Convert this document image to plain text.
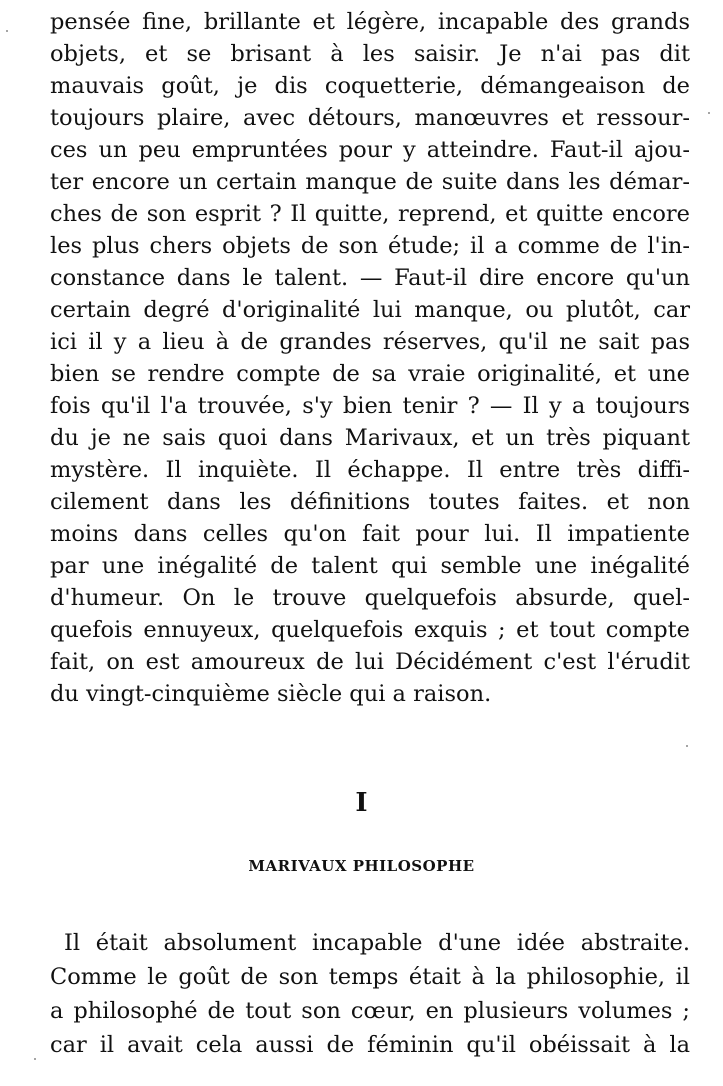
pensée fine, brillante et légère, incapable des grands
objets, et se brisant à les saisir. Je n'ai pas dit
mauvais goût, je dis coquetterie, démangeaison de
toujours plaire, avec détours, manœuvres et ressour-
ces un peu empruntées pour y atteindre. Faut-il ajou-
ter encore un certain manque de suite dans les démar-
ches de son esprit ? Il quitte, reprend, et quitte encore
les plus chers objets de son étude; il a comme de l'in-
constance dans le talent. — Faut-il dire encore qu'un
certain degré d'originalité lui manque, ou plutôt, car
ici il y a lieu à de grandes réserves, qu'il ne sait pas
bien se rendre compte de sa vraie originalité, et une
fois qu'il l'a trouvée, s'y bien tenir ? — Il y a toujours
du je ne sais quoi dans Marivaux, et un très piquant
mystère. Il inquiète. Il échappe. Il entre très diffi-
cilement dans les définitions toutes faites. et non
moins dans celles qu'on fait pour lui. Il impatiente
par une inégalité de talent qui semble une inégalité
d'humeur. On le trouve quelquefois absurde, quel-
quefois ennuyeux, quelquefois exquis ; et tout compte
fait, on est amoureux de lui Décidément c'est l'érudit
du vingt-cinquième siècle qui a raison.
I
MARIVAUX PHILOSOPHE
Il était absolument incapable d'une idée abstraite.
Comme le goût de son temps était à la philosophie, il
a philosophé de tout son cœur, en plusieurs volumes ;
car il avait cela aussi de féminin qu'il obéissait à la
